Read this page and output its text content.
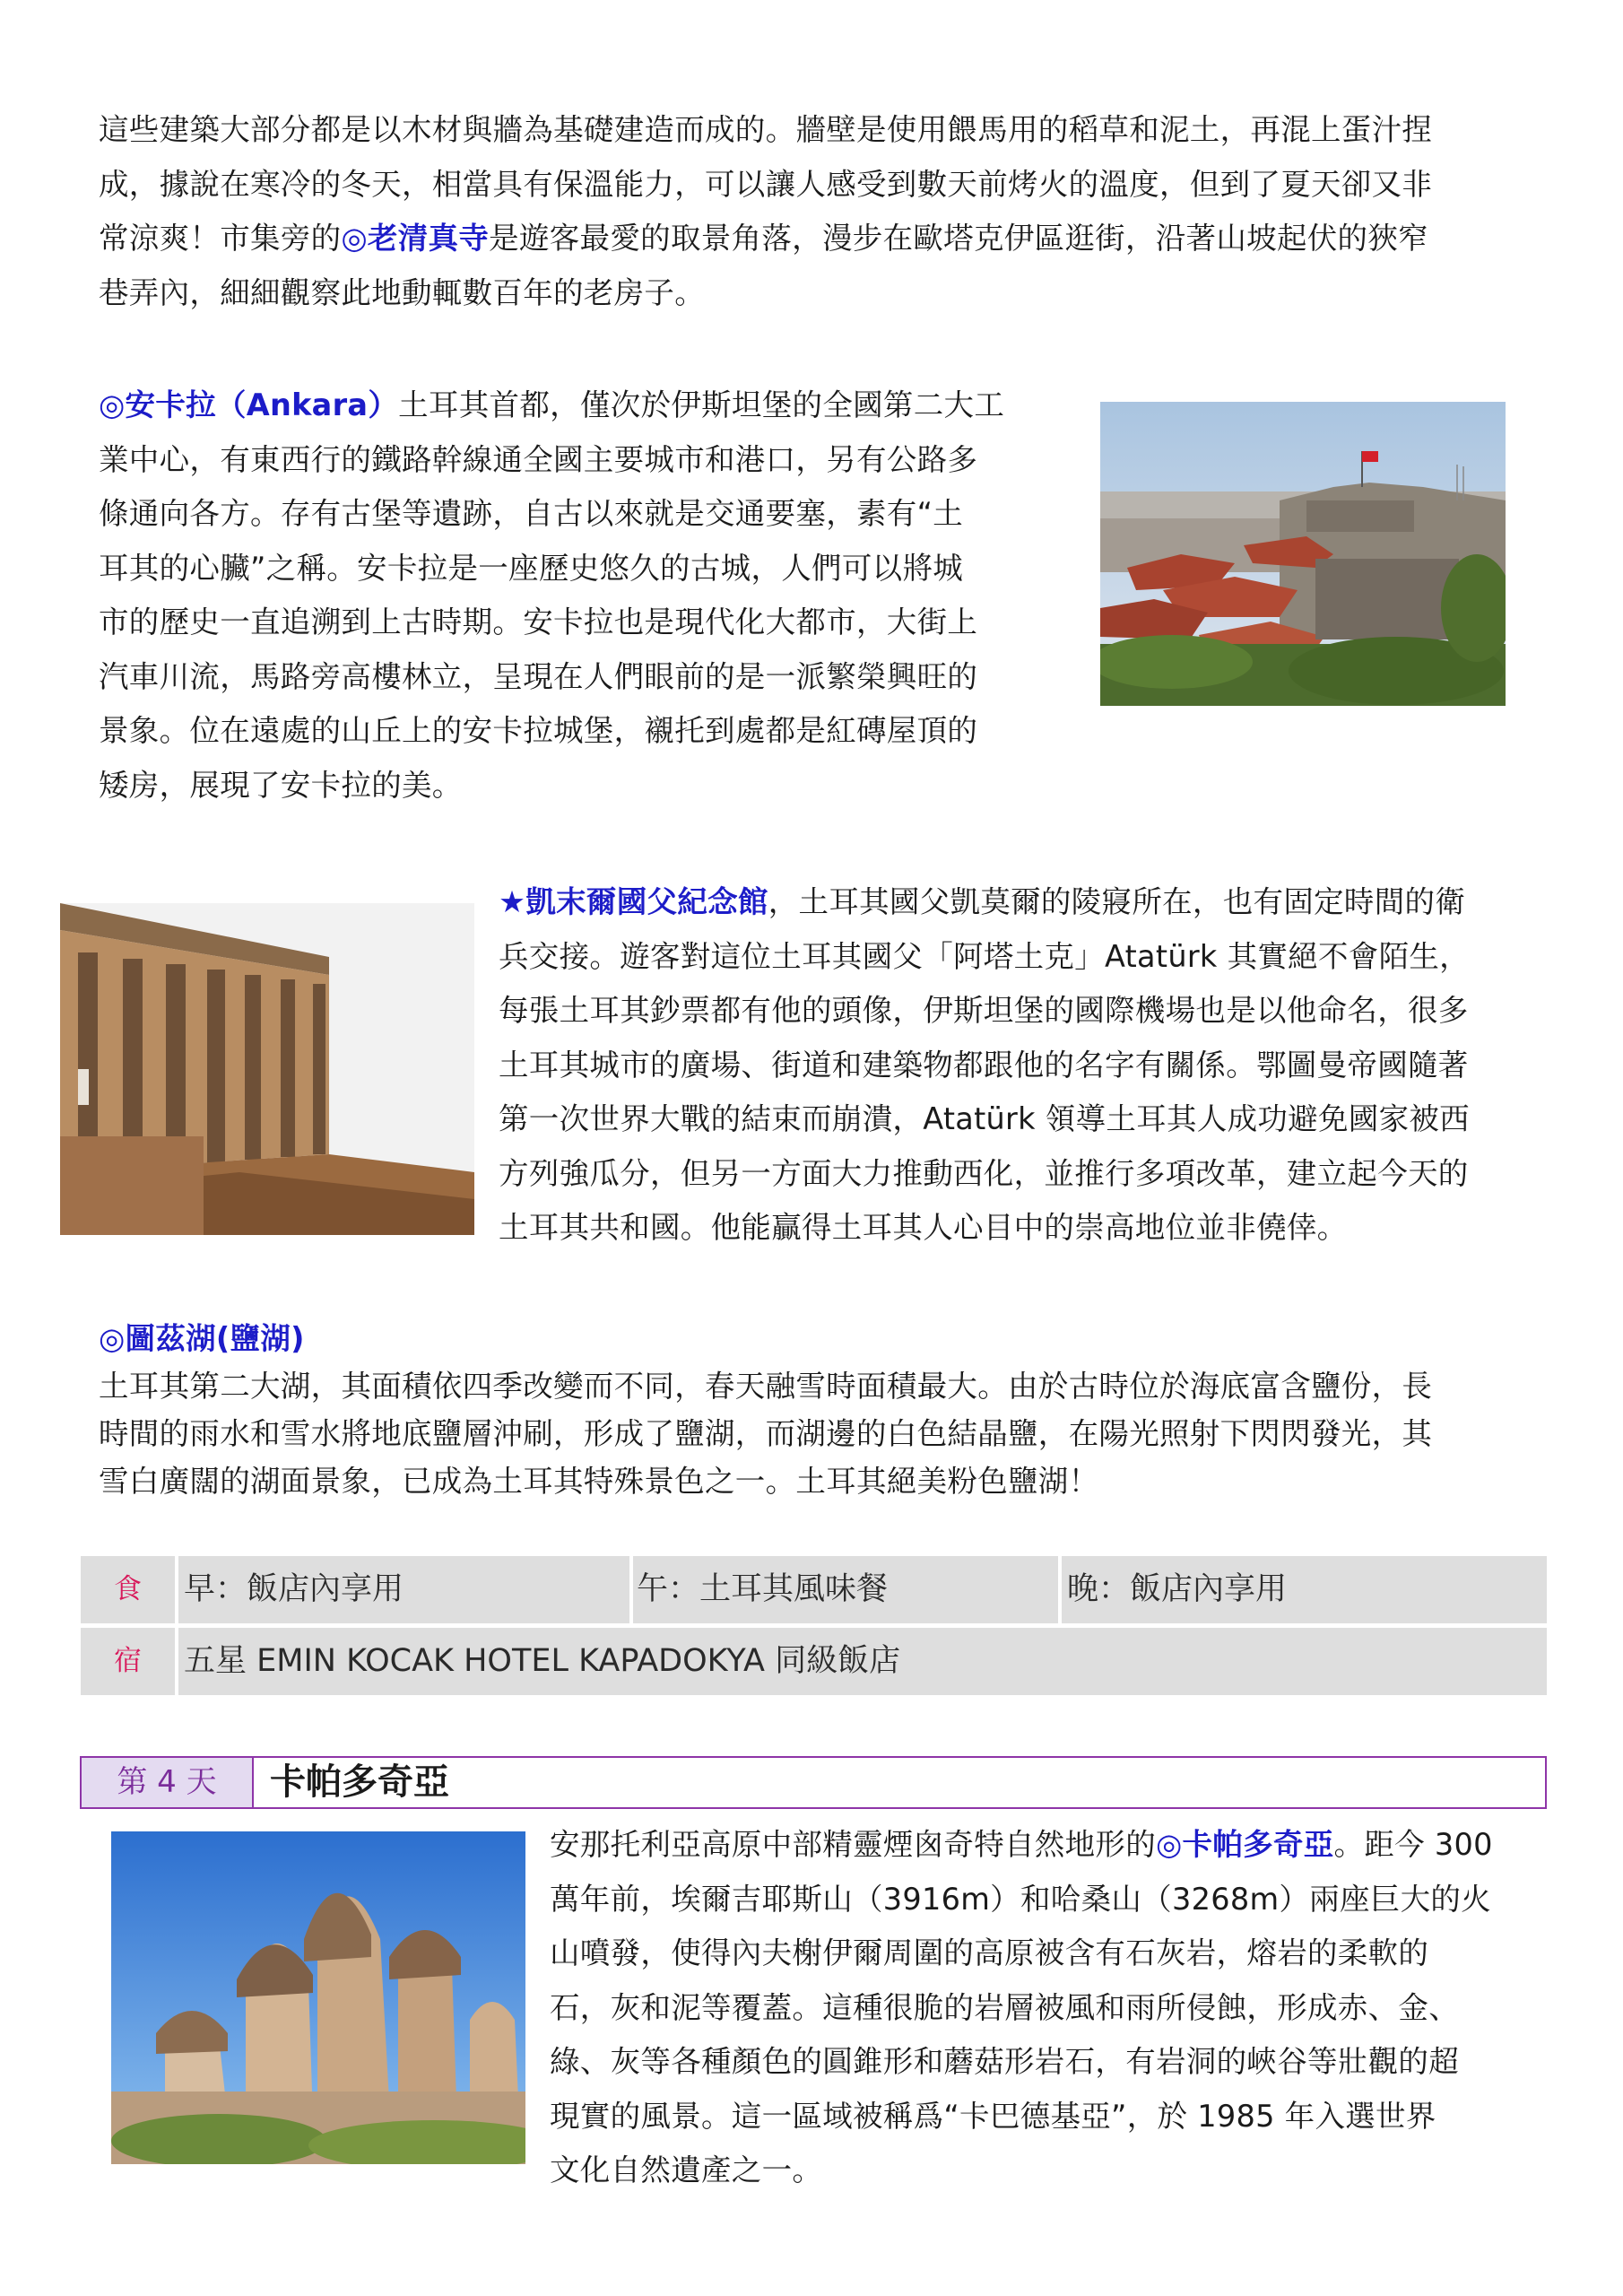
這些建築大部分都是以木材與牆為基礎建造而成的。牆壁是使用餵馬用的稻草和泥土，再混上蛋汁捏
成，據說在寒冷的冬天，相當具有保溫能力，可以讓人感受到數天前烤火的溫度，但到了夏天卻又非
常涼爽！市集旁的◎老清真寺是遊客最愛的取景角落，漫步在歐塔克伊區逛街，沿著山坡起伏的狹窄
巷弄內，細細觀察此地動輒數百年的老房子。
◎安卡拉（Ankara）土耳其首都，僅次於伊斯坦堡的全國第二大工
業中心，有東西行的鐵路幹線通全國主要城市和港口，另有公路多
條通向各方。存有古堡等遺跡，自古以來就是交通要塞，素有“土
耳其的心臟”之稱。安卡拉是一座歷史悠久的古城，人們可以將城
市的歷史一直追溯到上古時期。安卡拉也是現代化大都市，大街上
汽車川流，馬路旁高樓林立，呈現在人們眼前的是一派繁榮興旺的
景象。位在遠處的山丘上的安卡拉城堡，襯托到處都是紅磚屋頂的
矮房，展現了安卡拉的美。
★凱末爾國父紀念館，土耳其國父凱莫爾的陵寢所在，也有固定時間的衛
兵交接。遊客對這位土耳其國父「阿塔土克」Atatürk 其實絕不會陌生，
每張土耳其鈔票都有他的頭像，伊斯坦堡的國際機場也是以他命名，很多
土耳其城市的廣場、街道和建築物都跟他的名字有關係。鄂圖曼帝國隨著
第一次世界大戰的結束而崩潰，Atatürk 領導土耳其人成功避免國家被西
方列強瓜分，但另一方面大力推動西化，並推行多項改革，建立起今天的
土耳其共和國。他能贏得土耳其人心目中的崇高地位並非僥倖。
◎圖茲湖(鹽湖)
土耳其第二大湖，其面積依四季改變而不同，春天融雪時面積最大。由於古時位於海底富含鹽份，長
時間的雨水和雪水將地底鹽層沖刷，形成了鹽湖，而湖邊的白色結晶鹽，在陽光照射下閃閃發光，其
雪白廣闊的湖面景象，已成為土耳其特殊景色之一。土耳其絕美粉色鹽湖！
食	早：飯店內享用	午：土耳其風味餐	晚：飯店內享用
宿	五星 EMIN KOCAK HOTEL KAPADOKYA 同級飯店
第 4 天	卡帕多奇亞
安那托利亞高原中部精靈煙囪奇特自然地形的◎卡帕多奇亞。距今 300
萬年前，埃爾吉耶斯山（3916m）和哈桑山（3268m）兩座巨大的火
山噴發，使得內夫榭伊爾周圍的高原被含有石灰岩，熔岩的柔軟的
石，灰和泥等覆蓋。這種很脆的岩層被風和雨所侵蝕，形成赤、金、
綠、灰等各種顏色的圓錐形和蘑菇形岩石，有岩洞的峽谷等壯觀的超
現實的風景。這一區域被稱爲“卡巴德基亞”，於 1985 年入選世界
文化自然遺產之一。
